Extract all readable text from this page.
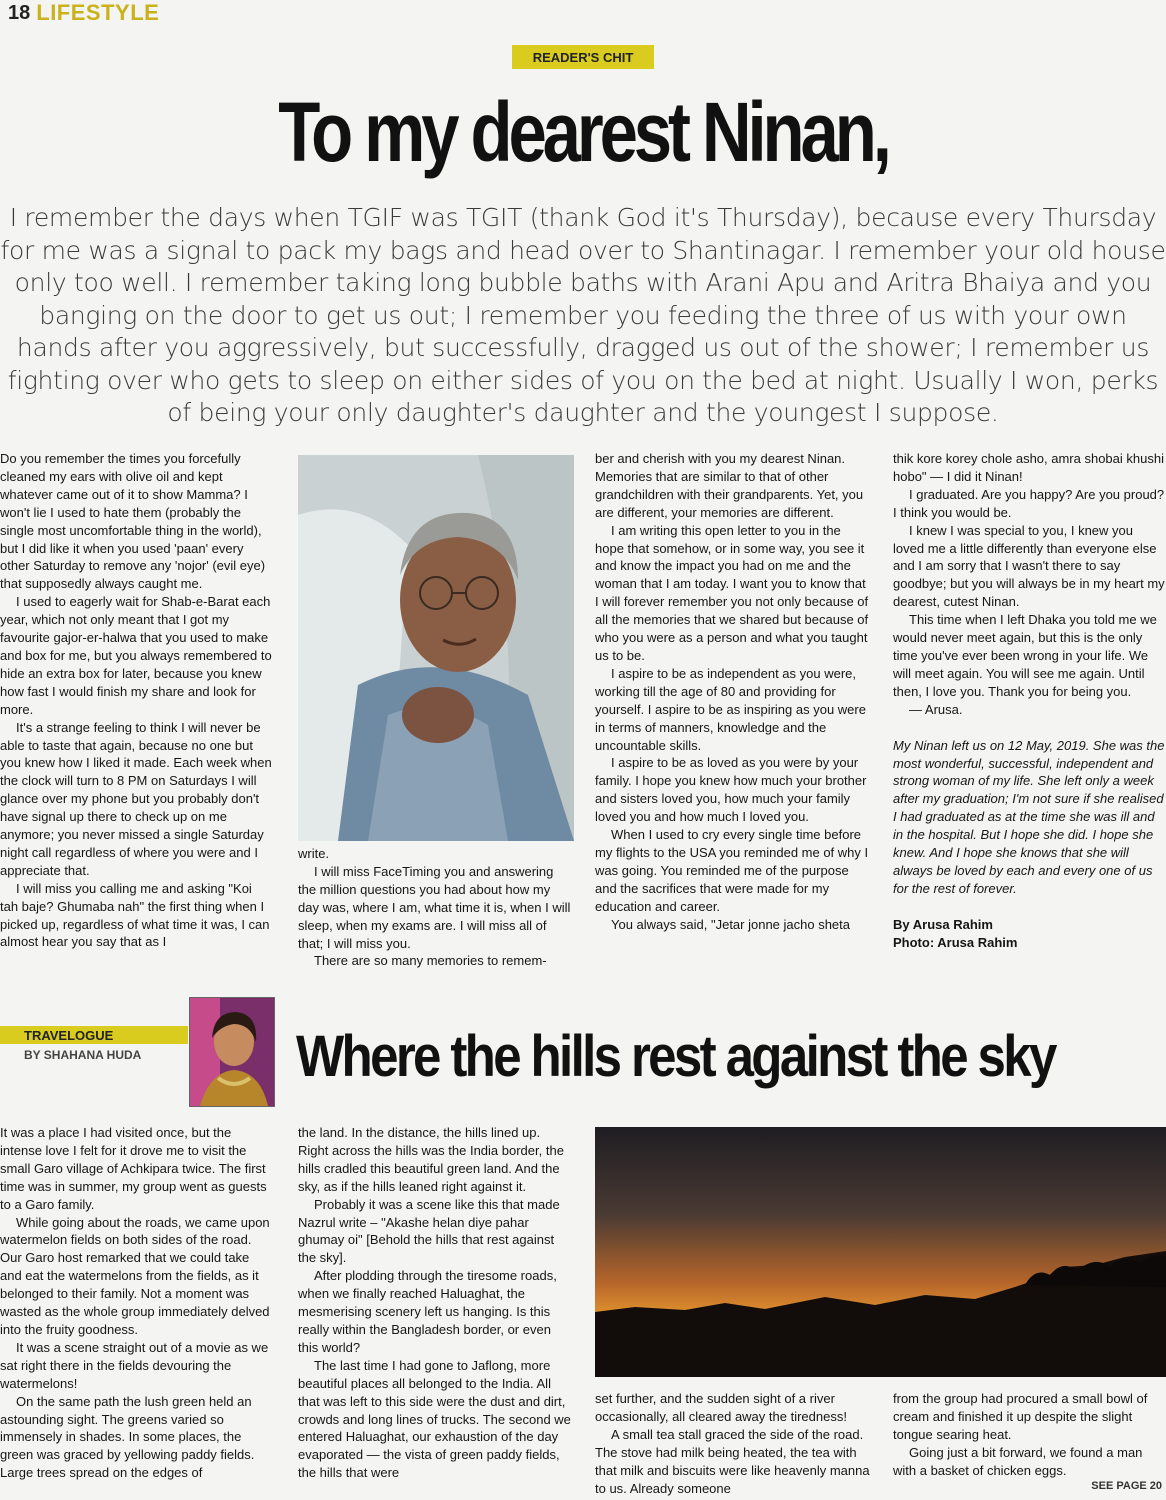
18 LIFESTYLE
READER'S CHIT
To my dearest Ninan,
I remember the days when TGIF was TGIT (thank God it's Thursday), because every Thursday for me was a signal to pack my bags and head over to Shantinagar. I remember your old house only too well. I remember taking long bubble baths with Arani Apu and Aritra Bhaiya and you banging on the door to get us out; I remember you feeding the three of us with your own hands after you aggressively, but successfully, dragged us out of the shower; I remember us fighting over who gets to sleep on either sides of you on the bed at night. Usually I won, perks of being your only daughter's daughter and the youngest I suppose.

Do you remember the times you forcefully cleaned my ears with olive oil and kept whatever came out of it to show Mamma? I won't lie I used to hate them (probably the single most uncomfortable thing in the world), but I did like it when you used 'paan' every other Saturday to remove any 'nojor' (evil eye) that supposedly always caught me.

I used to eagerly wait for Shab-e-Barat each year, which not only meant that I got my favourite gajor-er-halwa that you used to make and box for me, but you always remembered to hide an extra box for later, because you knew how fast I would finish my share and look for more.

It's a strange feeling to think I will never be able to taste that again, because no one but you knew how I liked it made. Each week when the clock will turn to 8 PM on Saturdays I will glance over my phone but you probably don't have signal up there to check up on me anymore; you never missed a single Saturday night call regardless of where you were and I appreciate that.

I will miss you calling me and asking "Koi tah baje? Ghumaba nah" the first thing when I picked up, regardless of what time it was, I can almost hear you say that as I

write.

I will miss FaceTiming you and answering the million questions you had about how my day was, where I am, what time it is, when I will sleep, when my exams are. I will miss all of that; I will miss you.

There are so many memories to remem-

ber and cherish with you my dearest Ninan. Memories that are similar to that of other grandchildren with their grandparents. Yet, you are different, your memories are different.

I am writing this open letter to you in the hope that somehow, or in some way, you see it and know the impact you had on me and the woman that I am today. I want you to know that I will forever remember you not only because of all the memories that we shared but because of who you were as a person and what you taught us to be.

I aspire to be as independent as you were, working till the age of 80 and providing for yourself. I aspire to be as inspiring as you were in terms of manners, knowledge and the uncountable skills.

I aspire to be as loved as you were by your family. I hope you knew how much your brother and sisters loved you, how much your family loved you and how much I loved you.

When I used to cry every single time before my flights to the USA you reminded me of why I was going. You reminded me of the purpose and the sacrifices that were made for my education and career.

You always said, "Jetar jonne jacho sheta

thik kore korey chole asho, amra shobai khushi hobo" — I did it Ninan!

I graduated. Are you happy? Are you proud? I think you would be.

I knew I was special to you, I knew you loved me a little differently than everyone else and I am sorry that I wasn't there to say goodbye; but you will always be in my heart my dearest, cutest Ninan.

This time when I left Dhaka you told me we would never meet again, but this is the only time you've ever been wrong in your life. We will meet again. You will see me again. Until then, I love you. Thank you for being you.

— Arusa.

My Ninan left us on 12 May, 2019. She was the most wonderful, successful, independent and strong woman of my life. She left only a week after my graduation; I'm not sure if she realised I had graduated as at the time she was ill and in the hospital. But I hope she did. I hope she knew. And I hope she knows that she will always be loved by each and every one of us for the rest of forever.

By Arusa Rahim
Photo: Arusa Rahim
TRAVELOGUE
BY SHAHANA HUDA	Where the hills rest against the sky

It was a place I had visited once, but the intense love I felt for it drove me to visit the small Garo village of Achkipara twice. The first time was in summer, my group went as guests to a Garo family.

While going about the roads, we came upon watermelon fields on both sides of the road. Our Garo host remarked that we could take and eat the watermelons from the fields, as it belonged to their family. Not a moment was wasted as the whole group immediately delved into the fruity goodness.

It was a scene straight out of a movie as we sat right there in the fields devouring the watermelons!

On the same path the lush green held an astounding sight. The greens varied so immensely in shades. In some places, the green was graced by yellowing paddy fields. Large trees spread on the edges of

the land. In the distance, the hills lined up. Right across the hills was the India border, the hills cradled this beautiful green land. And the sky, as if the hills leaned right against it.

Probably it was a scene like this that made Nazrul write – "Akashe helan diye pahar ghumay oi" [Behold the hills that rest against the sky].

After plodding through the tiresome roads, when we finally reached Haluaghat, the mesmerising scenery left us hanging. Is this really within the Bangladesh border, or even this world?

The last time I had gone to Jaflong, more beautiful places all belonged to the India. All that was left to this side were the dust and dirt, crowds and long lines of trucks. The second we entered Haluaghat, our exhaustion of the day evaporated — the vista of green paddy fields, the hills that were

set further, and the sudden sight of a river occasionally, all cleared away the tiredness!

A small tea stall graced the side of the road. The stove had milk being heated, the tea with that milk and biscuits were like heavenly manna to us. Already someone

from the group had procured a small bowl of cream and finished it up despite the slight tongue searing heat.

Going just a bit forward, we found a man with a basket of chicken eggs.

SEE PAGE 20
